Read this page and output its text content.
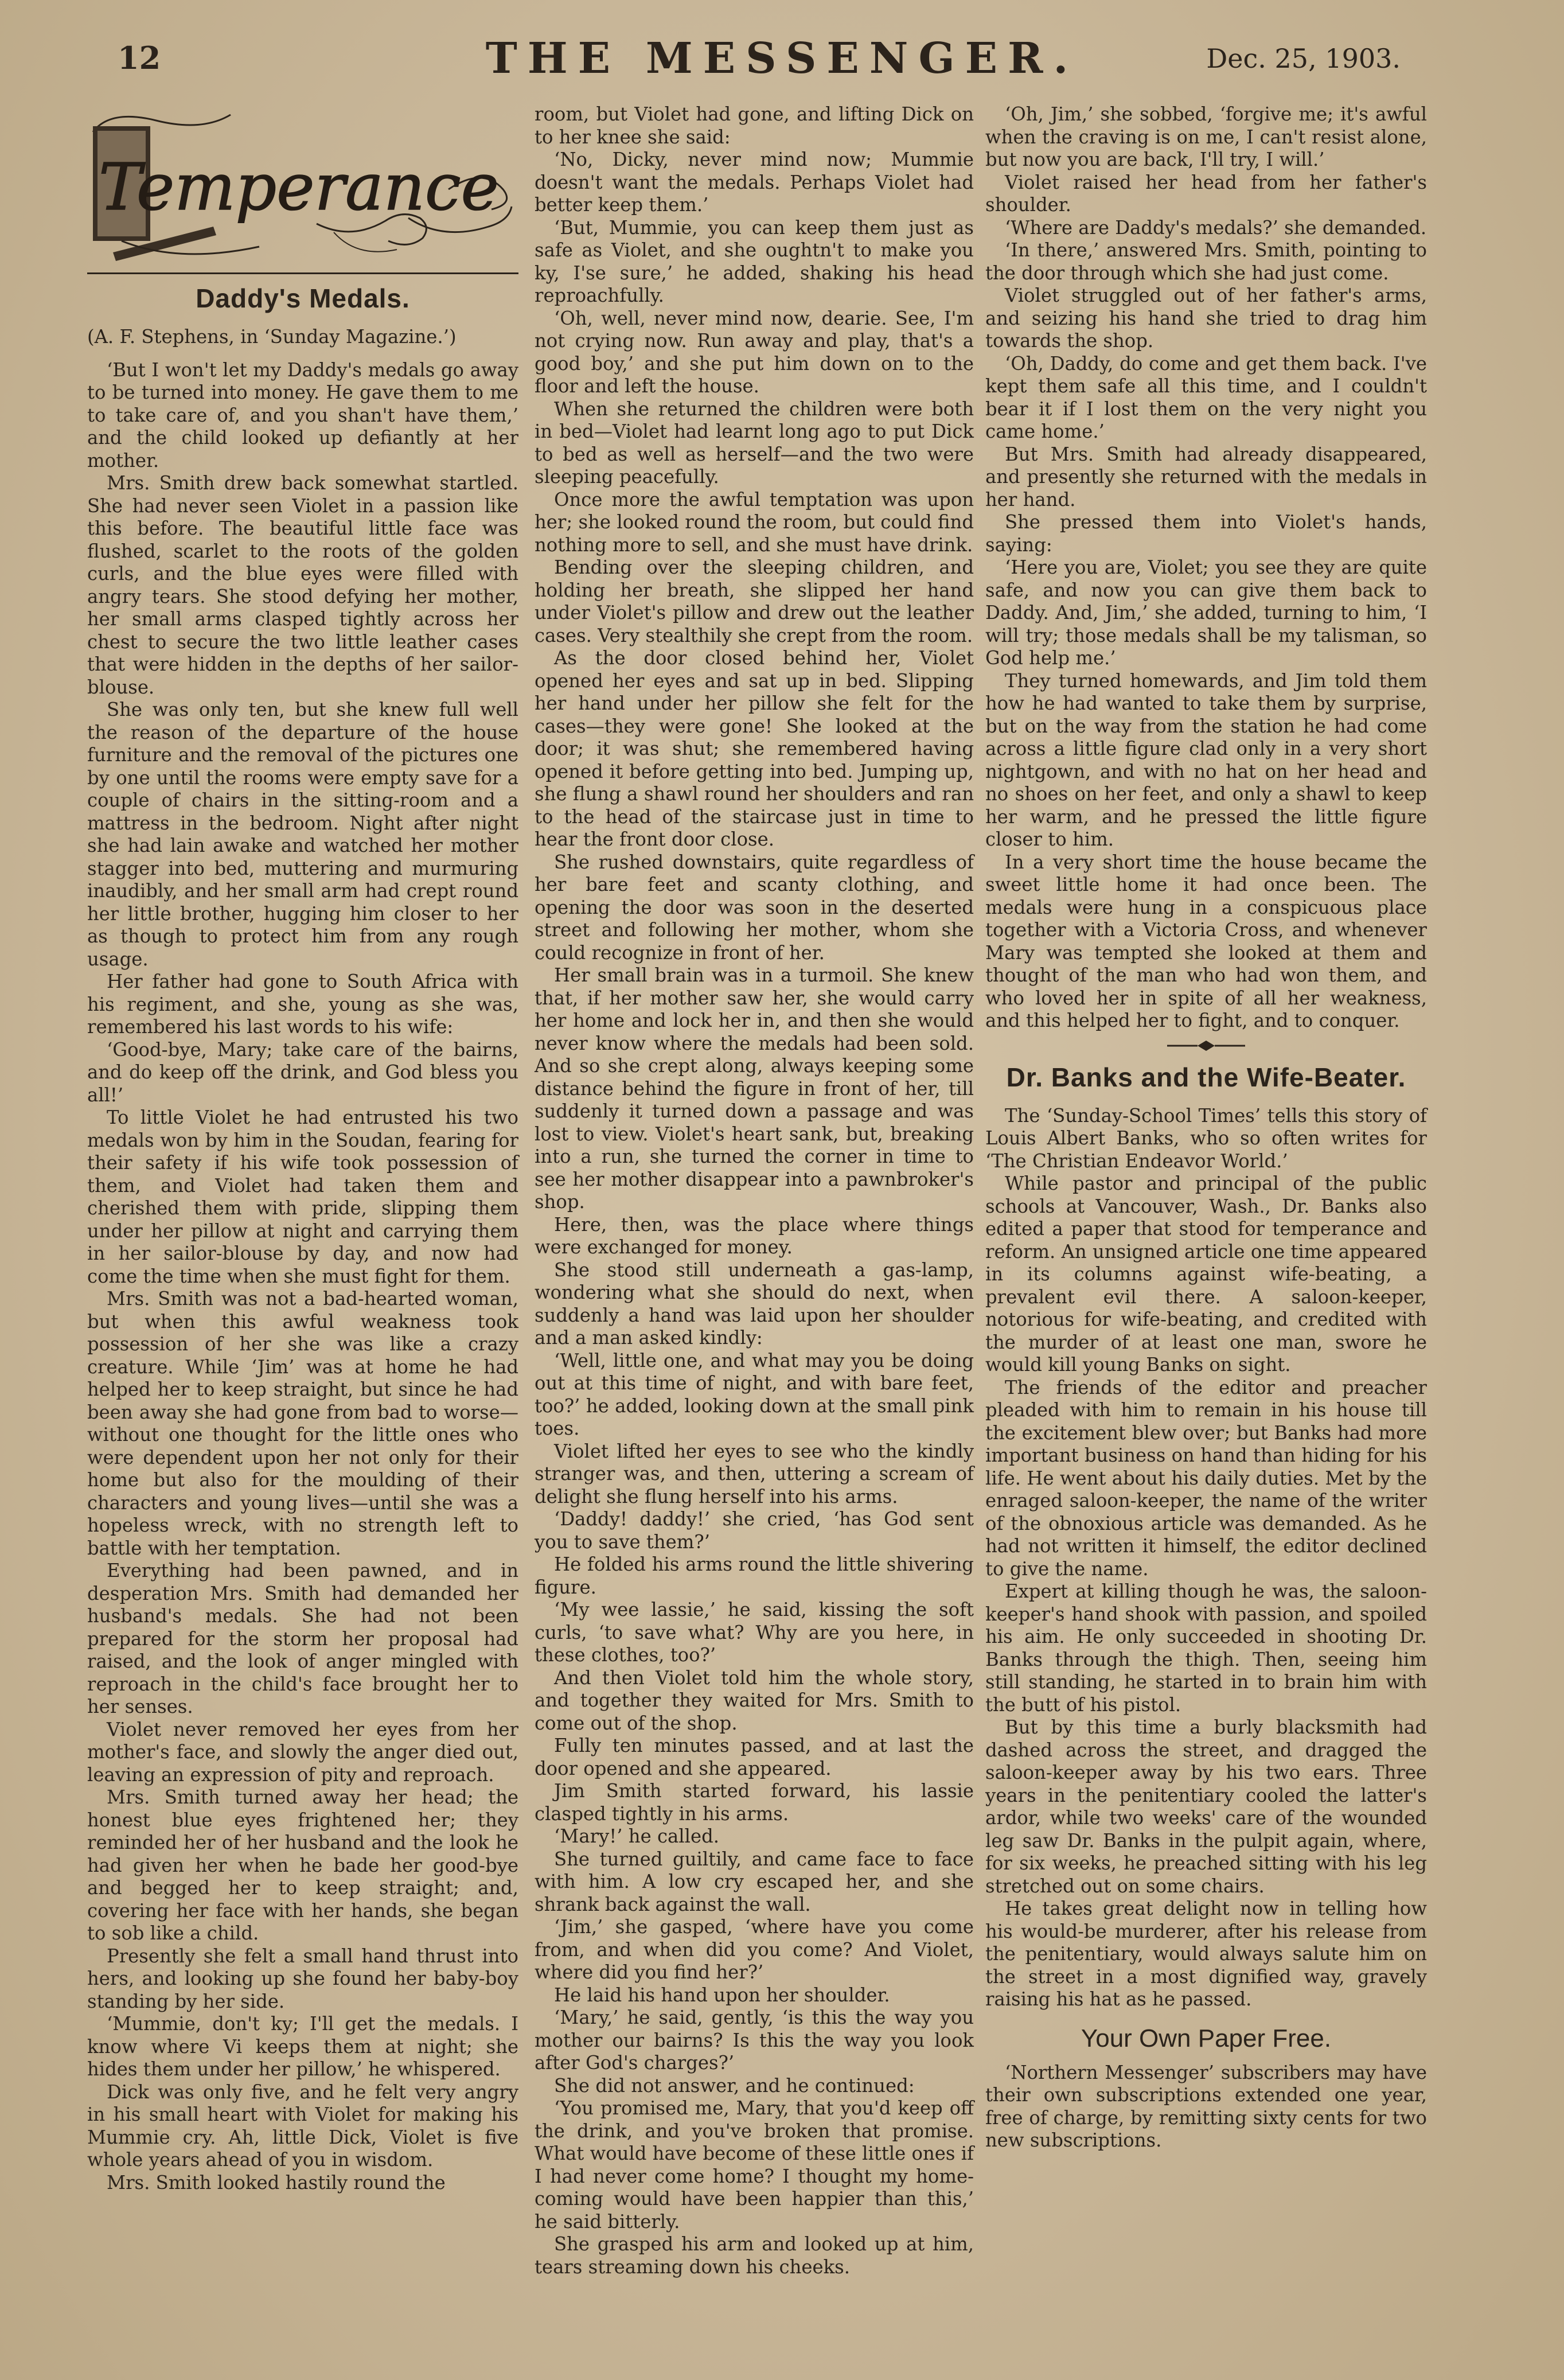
12	THE MESSENGER.	Dec. 25, 1903.
Temperance
Daddy's Medals.

(A. F. Stephens, in ‘Sunday Magazine.’)

‘But I won't let my Daddy's medals go away to be turned into money. He gave them to me to take care of, and you shan't have them,’ and the child looked up defiantly at her mother.

Mrs. Smith drew back somewhat startled. She had never seen Violet in a passion like this before. The beautiful little face was flushed, scarlet to the roots of the golden curls, and the blue eyes were filled with angry tears. She stood defying her mother, her small arms clasped tightly across her chest to secure the two little leather cases that were hidden in the depths of her sailor-blouse.

She was only ten, but she knew full well the reason of the departure of the house furniture and the removal of the pictures one by one until the rooms were empty save for a couple of chairs in the sitting-room and a mattress in the bedroom. Night after night she had lain awake and watched her mother stagger into bed, muttering and murmuring inaudibly, and her small arm had crept round her little brother, hugging him closer to her as though to protect him from any rough usage.

Her father had gone to South Africa with his regiment, and she, young as she was, remembered his last words to his wife:

‘Good-bye, Mary; take care of the bairns, and do keep off the drink, and God bless you all!’

To little Violet he had entrusted his two medals won by him in the Soudan, fearing for their safety if his wife took possession of them, and Violet had taken them and cherished them with pride, slipping them under her pillow at night and carrying them in her sailor-blouse by day, and now had come the time when she must fight for them.

Mrs. Smith was not a bad-hearted woman, but when this awful weakness took possession of her she was like a crazy creature. While ‘Jim’ was at home he had helped her to keep straight, but since he had been away she had gone from bad to worse—without one thought for the little ones who were dependent upon her not only for their home but also for the moulding of their characters and young lives—until she was a hopeless wreck, with no strength left to battle with her temptation.

Everything had been pawned, and in desperation Mrs. Smith had demanded her husband's medals. She had not been prepared for the storm her proposal had raised, and the look of anger mingled with reproach in the child's face brought her to her senses.

Violet never removed her eyes from her mother's face, and slowly the anger died out, leaving an expression of pity and reproach.

Mrs. Smith turned away her head; the honest blue eyes frightened her; they reminded her of her husband and the look he had given her when he bade her good-bye and begged her to keep straight; and, covering her face with her hands, she began to sob like a child.

Presently she felt a small hand thrust into hers, and looking up she found her baby-boy standing by her side.

‘Mummie, don't ky; I'll get the medals. I know where Vi keeps them at night; she hides them under her pillow,’ he whispered.

Dick was only five, and he felt very angry in his small heart with Violet for making his Mummie cry. Ah, little Dick, Violet is five whole years ahead of you in wisdom.

Mrs. Smith looked hastily round the

room, but Violet had gone, and lifting Dick on to her knee she said:

‘No, Dicky, never mind now; Mummie doesn't want the medals. Perhaps Violet had better keep them.’

‘But, Mummie, you can keep them just as safe as Violet, and she oughtn't to make you ky, I'se sure,’ he added, shaking his head reproachfully.

‘Oh, well, never mind now, dearie. See, I'm not crying now. Run away and play, that's a good boy,’ and she put him down on to the floor and left the house.

When she returned the children were both in bed—Violet had learnt long ago to put Dick to bed as well as herself—and the two were sleeping peacefully.

Once more the awful temptation was upon her; she looked round the room, but could find nothing more to sell, and she must have drink.

Bending over the sleeping children, and holding her breath, she slipped her hand under Violet's pillow and drew out the leather cases. Very stealthily she crept from the room.

As the door closed behind her, Violet opened her eyes and sat up in bed. Slipping her hand under her pillow she felt for the cases—they were gone! She looked at the door; it was shut; she remembered having opened it before getting into bed. Jumping up, she flung a shawl round her shoulders and ran to the head of the staircase just in time to hear the front door close.

She rushed downstairs, quite regardless of her bare feet and scanty clothing, and opening the door was soon in the deserted street and following her mother, whom she could recognize in front of her.

Her small brain was in a turmoil. She knew that, if her mother saw her, she would carry her home and lock her in, and then she would never know where the medals had been sold. And so she crept along, always keeping some distance behind the figure in front of her, till suddenly it turned down a passage and was lost to view. Violet's heart sank, but, breaking into a run, she turned the corner in time to see her mother disappear into a pawnbroker's shop.

Here, then, was the place where things were exchanged for money.

She stood still underneath a gas-lamp, wondering what she should do next, when suddenly a hand was laid upon her shoulder and a man asked kindly:

‘Well, little one, and what may you be doing out at this time of night, and with bare feet, too?’ he added, looking down at the small pink toes.

Violet lifted her eyes to see who the kindly stranger was, and then, uttering a scream of delight she flung herself into his arms.

‘Daddy! daddy!’ she cried, ‘has God sent you to save them?’

He folded his arms round the little shivering figure.

‘My wee lassie,’ he said, kissing the soft curls, ‘to save what? Why are you here, in these clothes, too?’

And then Violet told him the whole story, and together they waited for Mrs. Smith to come out of the shop.

Fully ten minutes passed, and at last the door opened and she appeared.

Jim Smith started forward, his lassie clasped tightly in his arms.

‘Mary!’ he called.

She turned guiltily, and came face to face with him. A low cry escaped her, and she shrank back against the wall.

‘Jim,’ she gasped, ‘where have you come from, and when did you come? And Violet, where did you find her?’

He laid his hand upon her shoulder.

‘Mary,’ he said, gently, ‘is this the way you mother our bairns? Is this the way you look after God's charges?’

She did not answer, and he continued:

‘You promised me, Mary, that you'd keep off the drink, and you've broken that promise. What would have become of these little ones if I had never come home? I thought my home-coming would have been happier than this,’ he said bitterly.

She grasped his arm and looked up at him, tears streaming down his cheeks.

‘Oh, Jim,’ she sobbed, ‘forgive me; it's awful when the craving is on me, I can't resist alone, but now you are back, I'll try, I will.’

Violet raised her head from her father's shoulder.

‘Where are Daddy's medals?’ she demanded.

‘In there,’ answered Mrs. Smith, pointing to the door through which she had just come.

Violet struggled out of her father's arms, and seizing his hand she tried to drag him towards the shop.

‘Oh, Daddy, do come and get them back. I've kept them safe all this time, and I couldn't bear it if I lost them on the very night you came home.’

But Mrs. Smith had already disappeared, and presently she returned with the medals in her hand.

She pressed them into Violet's hands, saying:

‘Here you are, Violet; you see they are quite safe, and now you can give them back to Daddy. And, Jim,’ she added, turning to him, ‘I will try; those medals shall be my talisman, so God help me.’

They turned homewards, and Jim told them how he had wanted to take them by surprise, but on the way from the station he had come across a little figure clad only in a very short nightgown, and with no hat on her head and no shoes on her feet, and only a shawl to keep her warm, and he pressed the little figure closer to him.

In a very short time the house became the sweet little home it had once been. The medals were hung in a conspicuous place together with a Victoria Cross, and whenever Mary was tempted she looked at them and thought of the man who had won them, and who loved her in spite of all her weakness, and this helped her to fight, and to conquer.

Dr. Banks and the Wife-Beater.

The ‘Sunday-School Times’ tells this story of Louis Albert Banks, who so often writes for ‘The Christian Endeavor World.’

While pastor and principal of the public schools at Vancouver, Wash., Dr. Banks also edited a paper that stood for temperance and reform. An unsigned article one time appeared in its columns against wife-beating, a prevalent evil there. A saloon-keeper, notorious for wife-beating, and credited with the murder of at least one man, swore he would kill young Banks on sight.

The friends of the editor and preacher pleaded with him to remain in his house till the excitement blew over; but Banks had more important business on hand than hiding for his life. He went about his daily duties. Met by the enraged saloon-keeper, the name of the writer of the obnoxious article was demanded. As he had not written it himself, the editor declined to give the name.

Expert at killing though he was, the saloon-keeper's hand shook with passion, and spoiled his aim. He only succeeded in shooting Dr. Banks through the thigh. Then, seeing him still standing, he started in to brain him with the butt of his pistol.

But by this time a burly blacksmith had dashed across the street, and dragged the saloon-keeper away by his two ears. Three years in the penitentiary cooled the latter's ardor, while two weeks' care of the wounded leg saw Dr. Banks in the pulpit again, where, for six weeks, he preached sitting with his leg stretched out on some chairs.

He takes great delight now in telling how his would-be murderer, after his release from the penitentiary, would always salute him on the street in a most dignified way, gravely raising his hat as he passed.

Your Own Paper Free.

‘Northern Messenger’ subscribers may have their own subscriptions extended one year, free of charge, by remitting sixty cents for two new subscriptions.
